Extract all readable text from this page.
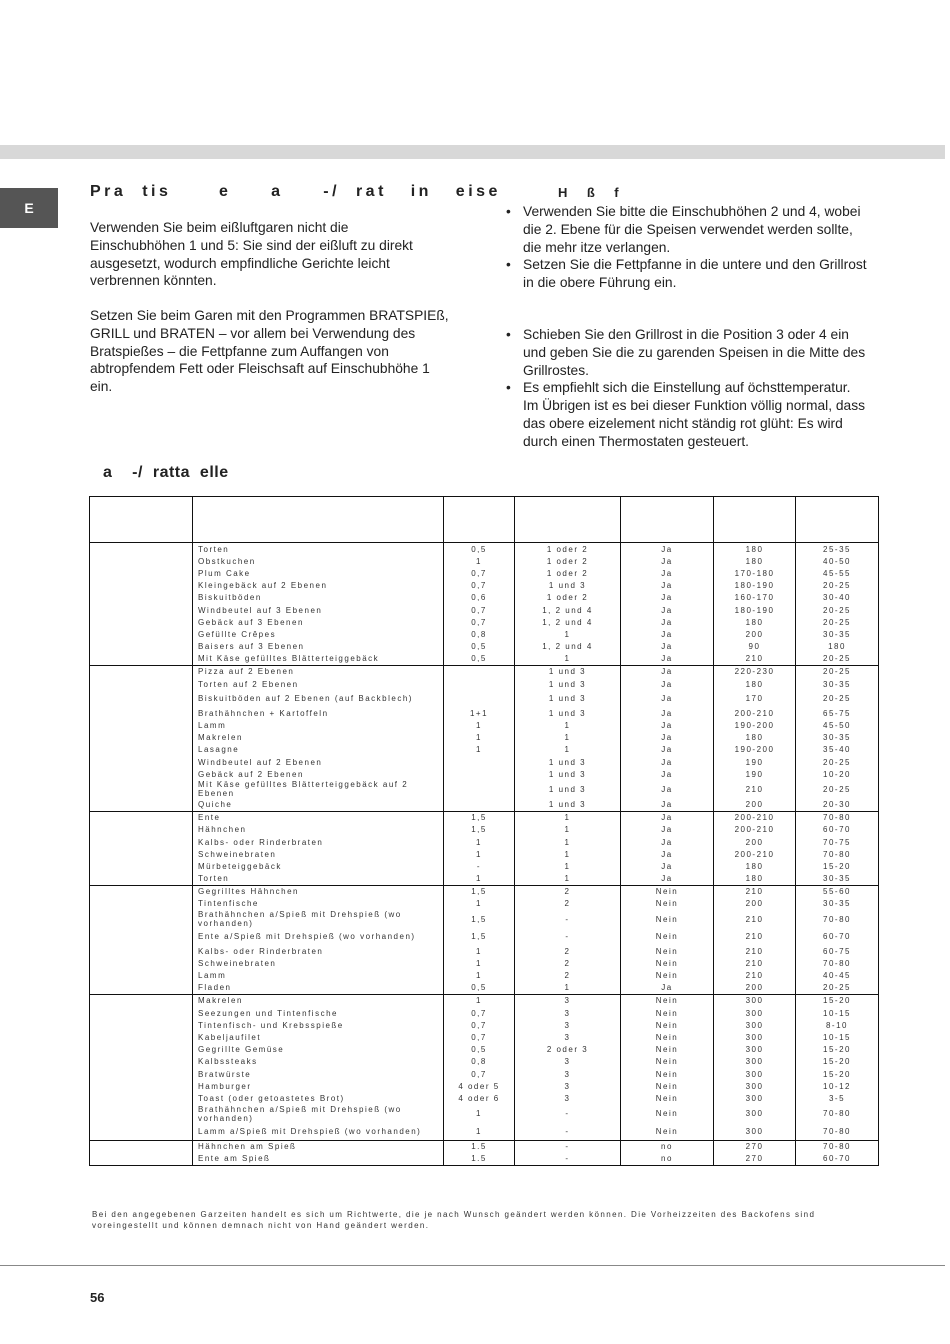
E
Pra  tis      e     a     -/  rat   in   eise

Verwenden Sie beim eißluftgaren nicht die
Einschubhöhen 1 und 5: Sie sind der eißluft zu direkt
ausgesetzt, wodurch empfindliche Gerichte leicht
verbrennen könnten.

Setzen Sie beim Garen mit den Programmen BRATSPIEß,
GRILL und BRATEN – vor allem bei Verwendung des
Bratspießes – die Fettpfanne zum Auffangen von
abtropfendem Fett oder Fleischsaft auf Einschubhöhe 1
ein.

H    ß    f
• Verwenden Sie bitte die Einschubhöhen 2 und 4, wobei
die 2. Ebene für die Speisen verwendet werden sollte,
die mehr itze verlangen.
• Setzen Sie die Fettpfanne in die untere und den Grillrost
in die obere Führung ein.
• Schieben Sie den Grillrost in die Position 3 oder 4 ein
und geben Sie die zu garenden Speisen in die Mitte des
Grillrostes.
• Es empfiehlt sich die Einstellung auf öchsttemperatur.
Im Übrigen ist es bei dieser Funktion völlig normal, dass
das obere eizelement nicht ständig rot glüht: Es wird
durch einen Thermostaten gesteuert.
a    -/  ratta  elle

	Torten	0,5	1 oder 2	Ja	180	25-35
	Obstkuchen	1	1 oder 2	Ja	180	40-50
	Plum Cake	0,7	1 oder 2	Ja	170-180	45-55
	Kleingebäck auf 2 Ebenen	0,7	1 und 3	Ja	180-190	20-25
	Biskuitböden	0,6	1 oder 2	Ja	160-170	30-40
	Windbeutel auf 3 Ebenen	0,7	1, 2 und 4	Ja	180-190	20-25
	Gebäck auf 3 Ebenen	0,7	1, 2 und 4	Ja	180	20-25
	Gefüllte Crêpes	0,8	1	Ja	200	30-35
	Baisers auf 3 Ebenen	0,5	1, 2 und 4	Ja	90	180
	Mit Käse gefülltes Blätterteiggebäck	0,5	1	Ja	210	20-25
	Pizza auf 2 Ebenen		1 und 3	Ja	220-230	20-25
	Torten auf 2 Ebenen		1 und 3	Ja	180	30-35
	Biskuitböden auf 2 Ebenen (auf Backblech)		1 und 3	Ja	170	20-25
	Brathähnchen + Kartoffeln	1+1	1 und 3	Ja	200-210	65-75
	Lamm	1	1	Ja	190-200	45-50
	Makrelen	1	1	Ja	180	30-35
	Lasagne	1	1	Ja	190-200	35-40
	Windbeutel auf 2 Ebenen		1 und 3	Ja	190	20-25
	Gebäck auf 2 Ebenen		1 und 3	Ja	190	10-20
	Mit Käse gefülltes Blätterteiggebäck auf 2 Ebenen		1 und 3	Ja	210	20-25
	Quiche		1 und 3	Ja	200	20-30
	Ente	1,5	1	Ja	200-210	70-80
	Hähnchen	1,5	1	Ja	200-210	60-70
	Kalbs- oder Rinderbraten	1	1	Ja	200	70-75
	Schweinebraten	1	1	Ja	200-210	70-80
	Mürbeteiggebäck	-	1	Ja	180	15-20
	Torten	1	1	Ja	180	30-35
	Gegrilltes Hähnchen	1,5	2	Nein	210	55-60
	Tintenfische	1	2	Nein	200	30-35
	Brathähnchen a/Spieß mit Drehspieß (wo vorhanden)	1,5	-	Nein	210	70-80
	Ente a/Spieß mit Drehspieß (wo vorhanden)	1,5	-	Nein	210	60-70
	Kalbs- oder Rinderbraten	1	2	Nein	210	60-75
	Schweinebraten	1	2	Nein	210	70-80
	Lamm	1	2	Nein	210	40-45
	Fladen	0,5	1	Ja	200	20-25
	Makrelen	1	3	Nein	300	15-20
	Seezungen und Tintenfische	0,7	3	Nein	300	10-15
	Tintenfisch- und Krebsspieße	0,7	3	Nein	300	8-10
	Kabeljaufilet	0,7	3	Nein	300	10-15
	Gegrillte Gemüse	0,5	2 oder 3	Nein	300	15-20
	Kalbssteaks	0,8	3	Nein	300	15-20
	Bratwürste	0,7	3	Nein	300	15-20
	Hamburger	4 oder 5	3	Nein	300	10-12
	Toast (oder getoastetes Brot)	4 oder 6	3	Nein	300	3-5
	Brathähnchen a/Spieß mit Drehspieß (wo vorhanden)	1	-	Nein	300	70-80
	Lamm a/Spieß mit Drehspieß (wo vorhanden)	1	-	Nein	300	70-80
	Hähnchen am Spieß	1.5	-	no	270	70-80
	Ente am Spieß	1.5	-	no	270	60-70

Bei den angegebenen Garzeiten handelt es sich um Richtwerte, die je nach Wunsch geändert werden können. Die Vorheizzeiten des Backofens sind voreingestellt und können demnach nicht von Hand geändert werden.

56
